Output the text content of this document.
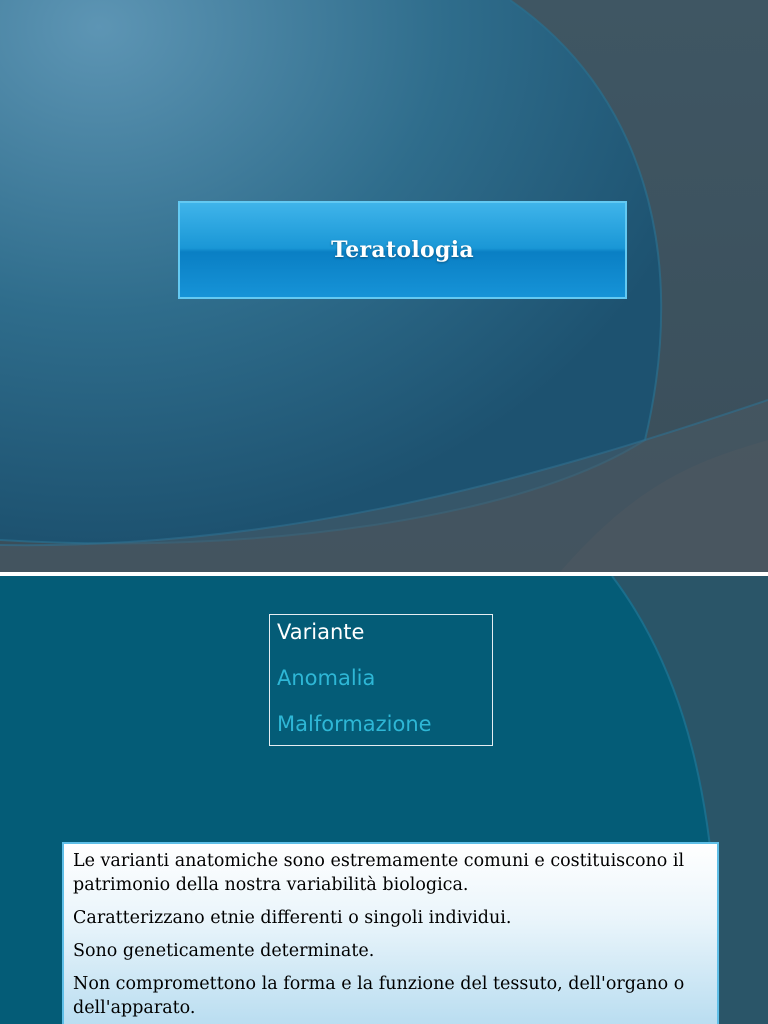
Teratologia
Variante
Anomalia
Malformazione

Le varianti anatomiche sono estremamente comuni e costituiscono il patrimonio della nostra variabilità biologica.

Caratterizzano etnie differenti o singoli individui.

Sono geneticamente determinate.

Non compromettono la forma e la funzione del tessuto, dell'organo o dell'apparato.
